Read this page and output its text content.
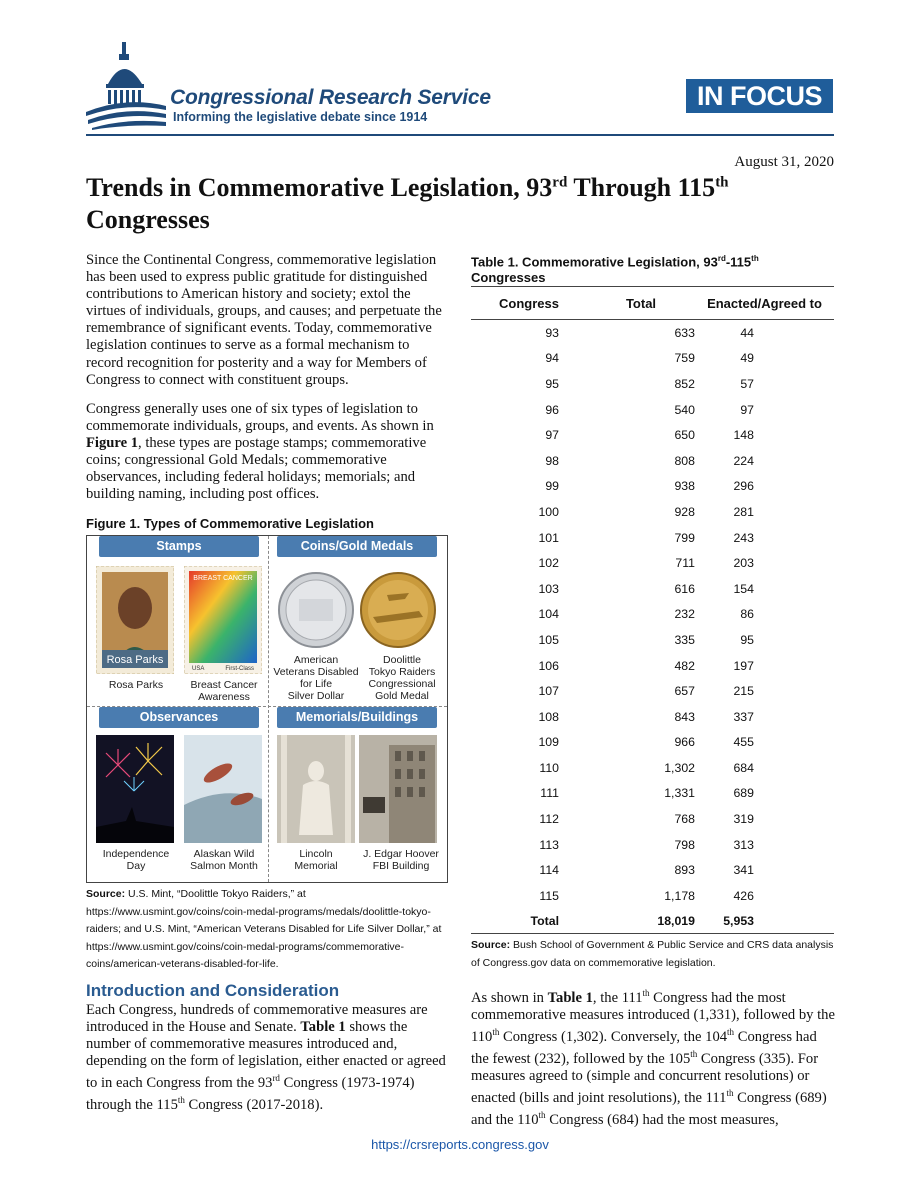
Congressional Research Service
Informing the legislative debate since 1914
IN FOCUS
August 31, 2020
Trends in Commemorative Legislation, 93rd Through 115th
Congresses

Since the Continental Congress, commemorative legislation has been used to express public gratitude for distinguished contributions to American history and society; extol the virtues of individuals, groups, and causes; and perpetuate the remembrance of significant events. Today, commemorative legislation continues to serve as a formal mechanism to record recognition for posterity and a way for Members of Congress to connect with constituent groups.

Congress generally uses one of six types of legislation to commemorate individuals, groups, and events. As shown in Figure 1, these types are postage stamps; commemorative coins; congressional Gold Medals; commemorative observances, including federal holidays; memorials; and building naming, including post offices.

Figure 1. Types of Commemorative Legislation
Stamps	Coins/Gold Medals
Observances	Memorials/Buildings
Rosa Parks
BREAST CANCER
USA	First-Class
Rosa Parks	Breast Cancer
Awareness
American
Veterans Disabled
for Life
Silver Dollar
Doolittle
Tokyo Raiders
Congressional
Gold Medal
Independence
Day
Alaskan Wild
Salmon Month
Lincoln
Memorial
J. Edgar Hoover
FBI Building
Source: U.S. Mint, “Doolittle Tokyo Raiders,” at https://www.usmint.gov/coins/coin-medal-programs/medals/doolittle-tokyo-raiders; and U.S. Mint, “American Veterans Disabled for Life Silver Dollar,” at https://www.usmint.gov/coins/coin-medal-programs/commemorative-coins/american-veterans-disabled-for-life.
Introduction and Consideration

Each Congress, hundreds of commemorative measures are introduced in the House and Senate. Table 1 shows the number of commemorative measures introduced and, depending on the form of legislation, either enacted or agreed to in each Congress from the 93rd Congress (1973-1974) through the 115th Congress (2017-2018).

Table 1. Commemorative Legislation, 93rd-115th
Congresses
Congress	Total	Enacted/Agreed to
93	633	44
94	759	49
95	852	57
96	540	97
97	650	148
98	808	224
99	938	296
100	928	281
101	799	243
102	711	203
103	616	154
104	232	86
105	335	95
106	482	197
107	657	215
108	843	337
109	966	455
110	1,302	684
111	1,331	689
112	768	319
113	798	313
114	893	341
115	1,178	426
Total	18,019	5,953
Source: Bush School of Government & Public Service and CRS data analysis of Congress.gov data on commemorative legislation.

As shown in Table 1, the 111th Congress had the most commemorative measures introduced (1,331), followed by the 110th Congress (1,302). Conversely, the 104th Congress had the fewest (232), followed by the 105th Congress (335). For measures agreed to (simple and concurrent resolutions) or enacted (bills and joint resolutions), the 111th Congress (689) and the 110th Congress (684) had the most measures,

https://crsreports.congress.gov
